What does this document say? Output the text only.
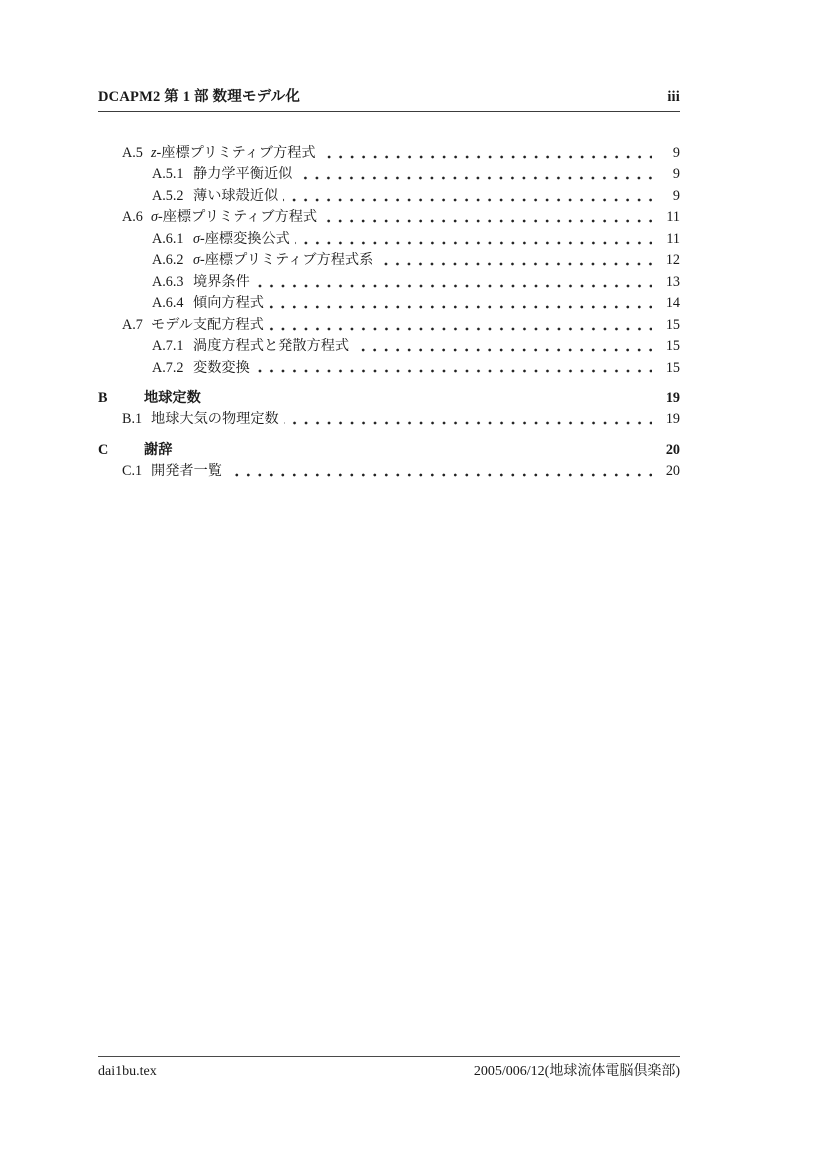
DCAPM2 第 1 部 数理モデル化	iii
A.5 z-座標プリミティブ方程式	9
A.5.1 静力学平衡近似	9
A.5.2 薄い球殻近似	9
A.6 σ-座標プリミティブ方程式	11
A.6.1 σ-座標変換公式	11
A.6.2 σ-座標プリミティブ方程式系	12
A.6.3 境界条件	13
A.6.4 傾向方程式	14
A.7 モデル支配方程式	15
A.7.1 渦度方程式と発散方程式	15
A.7.2 変数変換	15
B	地球定数	19
B.1 地球大気の物理定数	19
C	謝辞	20
C.1 開発者一覧	20
dai1bu.tex	2005/006/12(地球流体電脳倶楽部)
